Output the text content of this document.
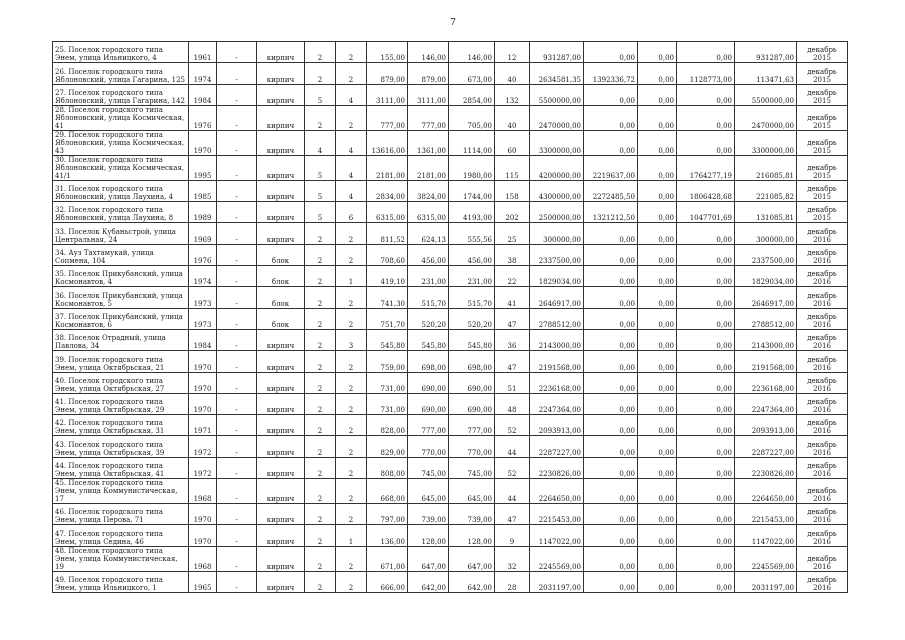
7
25. Поселок городского типа Энем, улица Ильницкого, 4	1961	-	кирпич	2	2	155,00	146,00	146,00	12	931287,00	0,00	0,00	0,00	931287,00	декабрь 2015
26. Поселок городского типа Яблоновский, улица Гагарина, 125	1974	-	кирпич	2	2	879,00	879,00	673,00	40	2634581,35	1392336,72	0,00	1128773,00	113471,63	декабрь 2015
27. Поселок городского типа Яблоновский, улица Гагарина, 142	1984	-	кирпич	5	4	3111,00	3111,00	2854,00	132	5500000,00	0,00	0,00	0,00	5500000,00	декабрь 2015
28. Поселок городского типа Яблоновский, улица Космическая, 41	1976	-	кирпич	2	2	777,00	777,00	705,00	40	2470000,00	0,00	0,00	0,00	2470000,00	декабрь 2015
29. Поселок городского типа Яблоновский, улица Космическая, 43	1970	-	кирпич	4	4	13616,00	1361,00	1114,00	60	3300000,00	0,00	0,00	0,00	3300000,00	декабрь 2015
30. Поселок городского типа Яблоновский, улица Космическая, 41/1	1995	-	кирпич	5	4	2181,00	2181,00	1980,00	115	4200000,00	2219637,00	0,00	1764277,19	216085,81	декабрь 2015
31. Поселок городского типа Яблоновский, улица Лаухина, 4	1985	-	кирпич	5	4	2834,00	3824,00	1744,00	158	4300000,00	2272485,50	0,00	1806428,68	221085,82	декабрь 2015
32. Поселок городского типа Яблоновский, улица Лаухина, 8	1989	-	кирпич	5	6	6315,00	6315,00	4193,00	202	2500000,00	1321212,50	0,00	1047701,69	131085,81	декабрь 2015
33. Поселок Кубаньстрой, улица Центральная, 24	1969	-	кирпич	2	2	811,52	624,13	555,56	25	300000,00	0,00	0,00	0,00	300000,00	декабрь 2016
34. Ауз Тахтамукай, улица Сопмена, 104	1976	-	блок	2	2	708,60	456,00	456,00	38	2337500,00	0,00	0,00	0,00	2337500,00	декабрь 2016
35. Поселок Прикубанский, улица Космонавтов, 4	1974	-	блок	2	1	419,10	231,00	231,00	22	1829034,00	0,00	0,00	0,00	1829034,00	декабрь 2016
36. Поселок Прикубанский, улица Космонавтов, 5	1973	-	блок	2	2	741,30	515,70	515,70	41	2646917,00	0,00	0,00	0,00	2646917,00	декабрь 2016
37. Поселок Прикубанский, улица Космонавтов, 6	1973	-	блок	2	2	751,70	520,20	520,20	47	2788512,00	0,00	0,00	0,00	2788512,00	декабрь 2016
38. Поселок Отрадный, улица Павлова, 34	1984	-	кирпич	2	3	545,80	545,80	545,80	36	2143000,00	0,00	0,00	0,00	2143000,00	декабрь 2016
39. Поселок городского типа Энем, улица Октябрьская, 21	1970	-	кирпич	2	2	759,00	698,00	698,00	47	2191568,00	0,00	0,00	0,00	2191568,00	декабрь 2016
40. Поселок городского типа Энем, улица Октябрьская, 27	1970	-	кирпич	2	2	731,00	690,00	690,00	51	2236168,00	0,00	0,00	0,00	2236168,00	декабрь 2016
41. Поселок городского типа Энем, улица Октябрьская, 29	1970	-	кирпич	2	2	731,00	690,00	690,00	48	2247364,00	0,00	0,00	0,00	2247364,00	декабрь 2016
42. Поселок городского типа Энем, улица Октябрьская, 31	1971	-	кирпич	2	2	828,00	777,00	777,00	52	2093913,00	0,00	0,00	0,00	2093913,00	декабрь 2016
43. Поселок городского типа Энем, улица Октябрьская, 39	1972	-	кирпич	2	2	829,00	770,00	770,00	44	2287227,00	0,00	0,00	0,00	2287227,00	декабрь 2016
44. Поселок городского типа Энем, улица Октябрьская, 41	1972	-	кирпич	2	2	808,00	745,00	745,00	52	2230826,00	0,00	0,00	0,00	2230826,00	декабрь 2016
45. Поселок городского типа Энем, улица Коммунистическая, 17	1968	-	кирпич	2	2	668,00	645,00	645,00	44	2264650,00	0,00	0,00	0,00	2264650,00	декабрь 2016
46. Поселок городского типа Энем, улица Перова, 71	1970	-	кирпич	2	2	797,00	739,00	739,00	47	2215453,00	0,00	0,00	0,00	2215453,00	декабрь 2016
47. Поселок городского типа Энем, улица Седина, 46	1970	-	кирпич	2	1	136,00	128,00	128,00	9	1147022,00	0,00	0,00	0,00	1147022,00	декабрь 2016
48. Поселок городского типа Энем, улица Коммунистическая, 19	1968	-	кирпич	2	2	671,00	647,00	647,00	32	2245569,00	0,00	0,00	0,00	2245569,00	декабрь 2016
49. Поселок городского типа Энем, улица Ильницкого, 1	1965	-	кирпич	2	2	666,00	642,00	642,00	28	2031197,00	0,00	0,00	0,00	2031197,00	декабрь 2016
